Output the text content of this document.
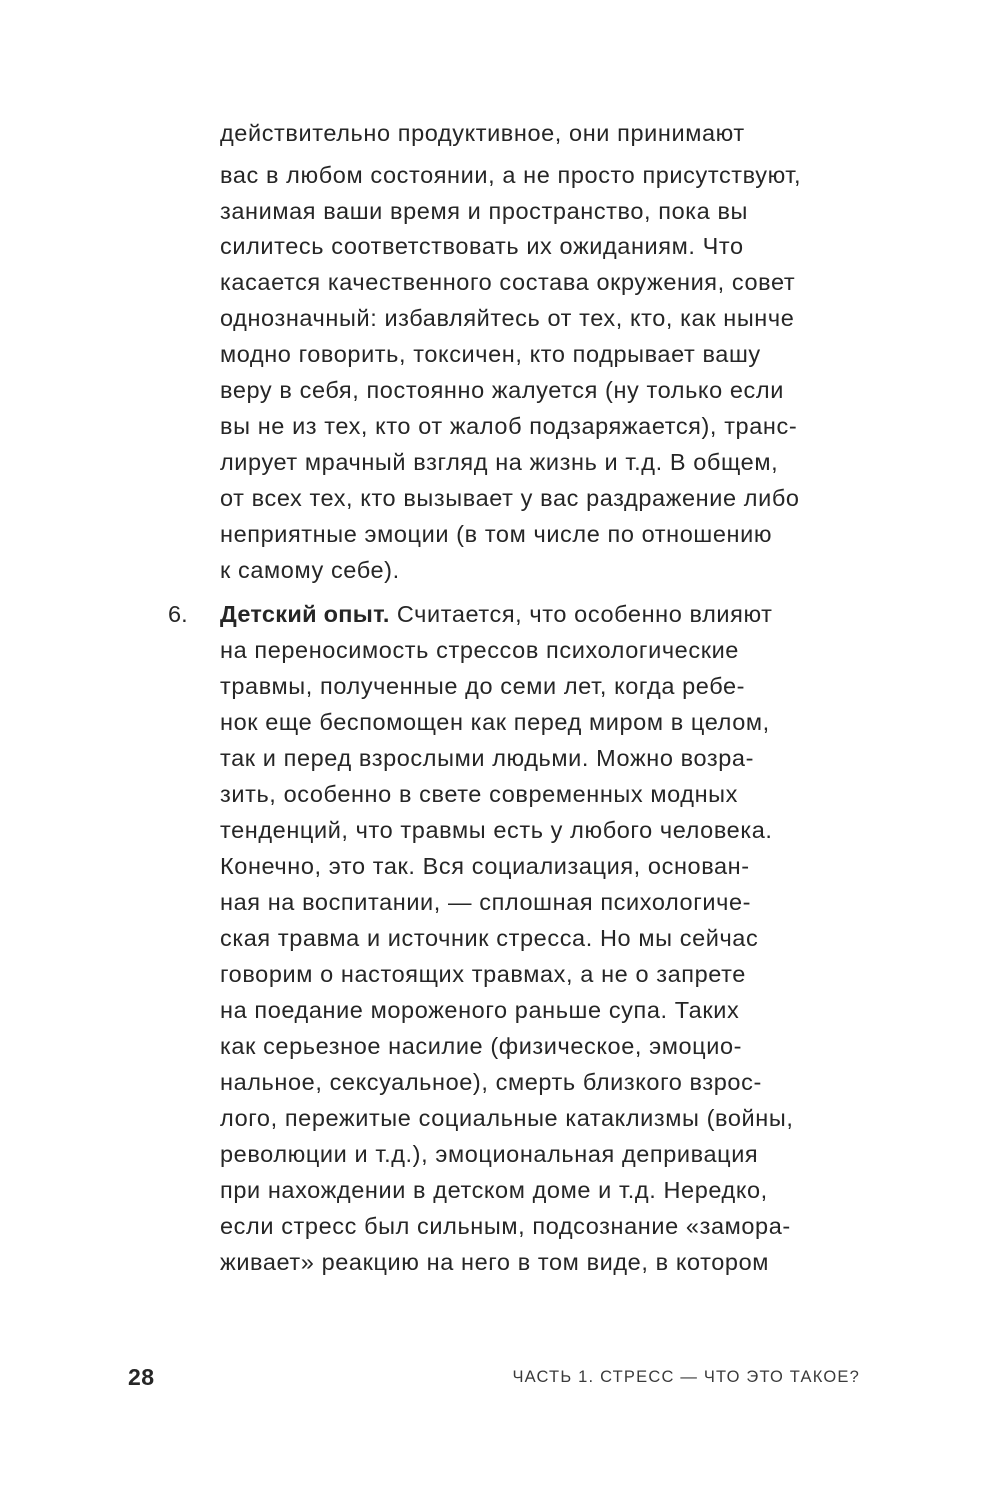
действительно продуктивное, они принимают
вас в любом состоянии, а не просто присутствуют,
занимая ваши время и пространство, пока вы
силитесь соответствовать их ожиданиям. Что
касается качественного состава окружения, совет
однозначный: избавляйтесь от тех, кто, как нынче
модно говорить, токсичен, кто подрывает вашу
веру в себя, постоянно жалуется (ну только если
вы не из тех, кто от жалоб подзаряжается), транс-
лирует мрачный взгляд на жизнь и т.д. В общем,
от всех тех, кто вызывает у вас раздражение либо
неприятные эмоции (в том числе по отношению
к самому себе).
6. Детский опыт. Считается, что особенно влияют
на переносимость стрессов психологические
травмы, полученные до семи лет, когда ребе-
нок еще беспомощен как перед миром в целом,
так и перед взрослыми людьми. Можно возра-
зить, особенно в свете современных модных
тенденций, что травмы есть у любого человека.
Конечно, это так. Вся социализация, основан-
ная на воспитании, — сплошная психологиче-
ская травма и источник стресса. Но мы сейчас
говорим о настоящих травмах, а не о запрете
на поедание мороженого раньше супа. Таких
как серьезное насилие (физическое, эмоцио-
нальное, сексуальное), смерть близкого взрос-
лого, пережитые социальные катаклизмы (войны,
революции и т.д.), эмоциональная депривация
при нахождении в детском доме и т.д. Нередко,
если стресс был сильным, подсознание «замора-
живает» реакцию на него в том виде, в котором
28	ЧАСТЬ 1. СТРЕСС — ЧТО ЭТО ТАКОЕ?
